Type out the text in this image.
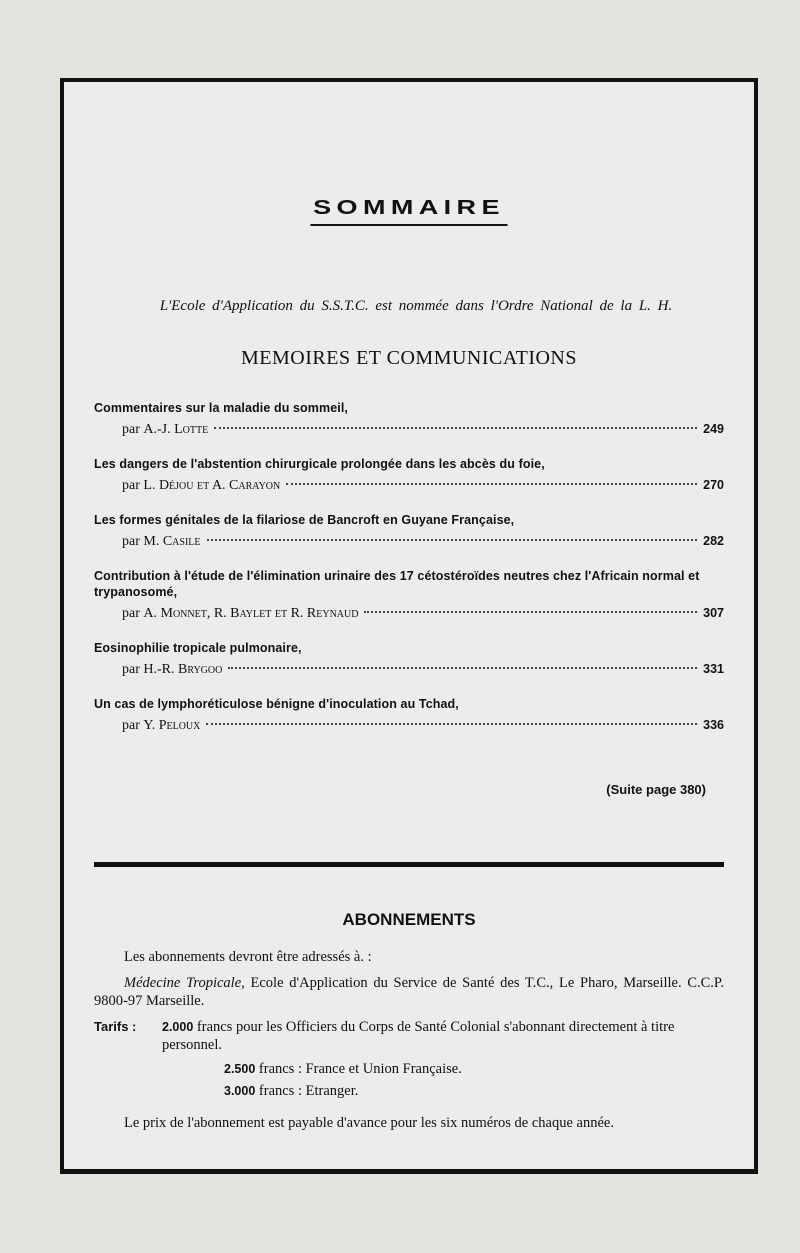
SOMMAIRE
L'Ecole d'Application du S.S.T.C. est nommée dans l'Ordre National de la L. H.
MEMOIRES ET COMMUNICATIONS
Commentaires sur la maladie du sommeil,
par A.-J. Lotte	249
Les dangers de l'abstention chirurgicale prolongée dans les abcès du foie,
par L. Déjou et A. Carayon	270
Les formes génitales de la filariose de Bancroft en Guyane Française,
par M. Casile	282
Contribution à l'étude de l'élimination urinaire des 17 cétostéroïdes neutres chez l'Africain normal et trypanosomé,
par A. Monnet, R. Baylet et R. Reynaud	307
Eosinophilie tropicale pulmonaire,
par H.-R. Brygoo	331
Un cas de lymphoréticulose bénigne d'inoculation au Tchad,
par Y. Peloux	336
(Suite page 380)
ABONNEMENTS

Les abonnements devront être adressés à. :

Médecine Tropicale, Ecole d'Application du Service de Santé des T.C., Le Pharo, Marseille. C.C.P. 9800-97 Marseille.

Tarifs :	2.000 francs pour les Officiers du Corps de Santé Colonial s'abonnant directement à titre personnel.
2.500 francs : France et Union Française.
3.000 francs : Etranger.

Le prix de l'abonnement est payable d'avance pour les six numéros de chaque année.
